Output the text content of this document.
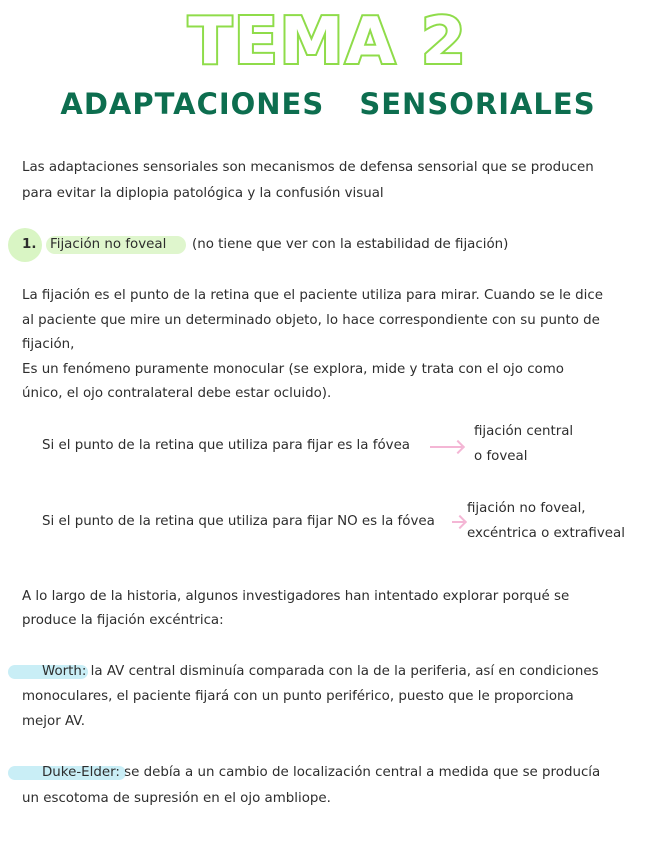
TEMA 2
ADAPTACIONES SENSORIALES
Las adaptaciones sensoriales son mecanismos de defensa sensorial que se producen
para evitar la diplopia patológica y la confusión visual
1. Fijación no foveal (no tiene que ver con la estabilidad de fijación)
La fijación es el punto de la retina que el paciente utiliza para mirar. Cuando se le dice
al paciente que mire un determinado objeto, lo hace correspondiente con su punto de
fijación,
Es un fenómeno puramente monocular (se explora, mide y trata con el ojo como
único, el ojo contralateral debe estar ocluido).
Si el punto de la retina que utiliza para fijar es la fóvea
fijación central
o foveal
Si el punto de la retina que utiliza para fijar NO es la fóvea
fijación no foveal,
excéntrica o extrafiveal
A lo largo de la historia, algunos investigadores han intentado explorar porqué se
produce la fijación excéntrica:
Worth: la AV central disminuía comparada con la de la periferia, así en condiciones
monoculares, el paciente fijará con un punto periférico, puesto que le proporciona
mejor AV.
Duke-Elder: se debía a un cambio de localización central a medida que se producía
un escotoma de supresión en el ojo ambliope.
